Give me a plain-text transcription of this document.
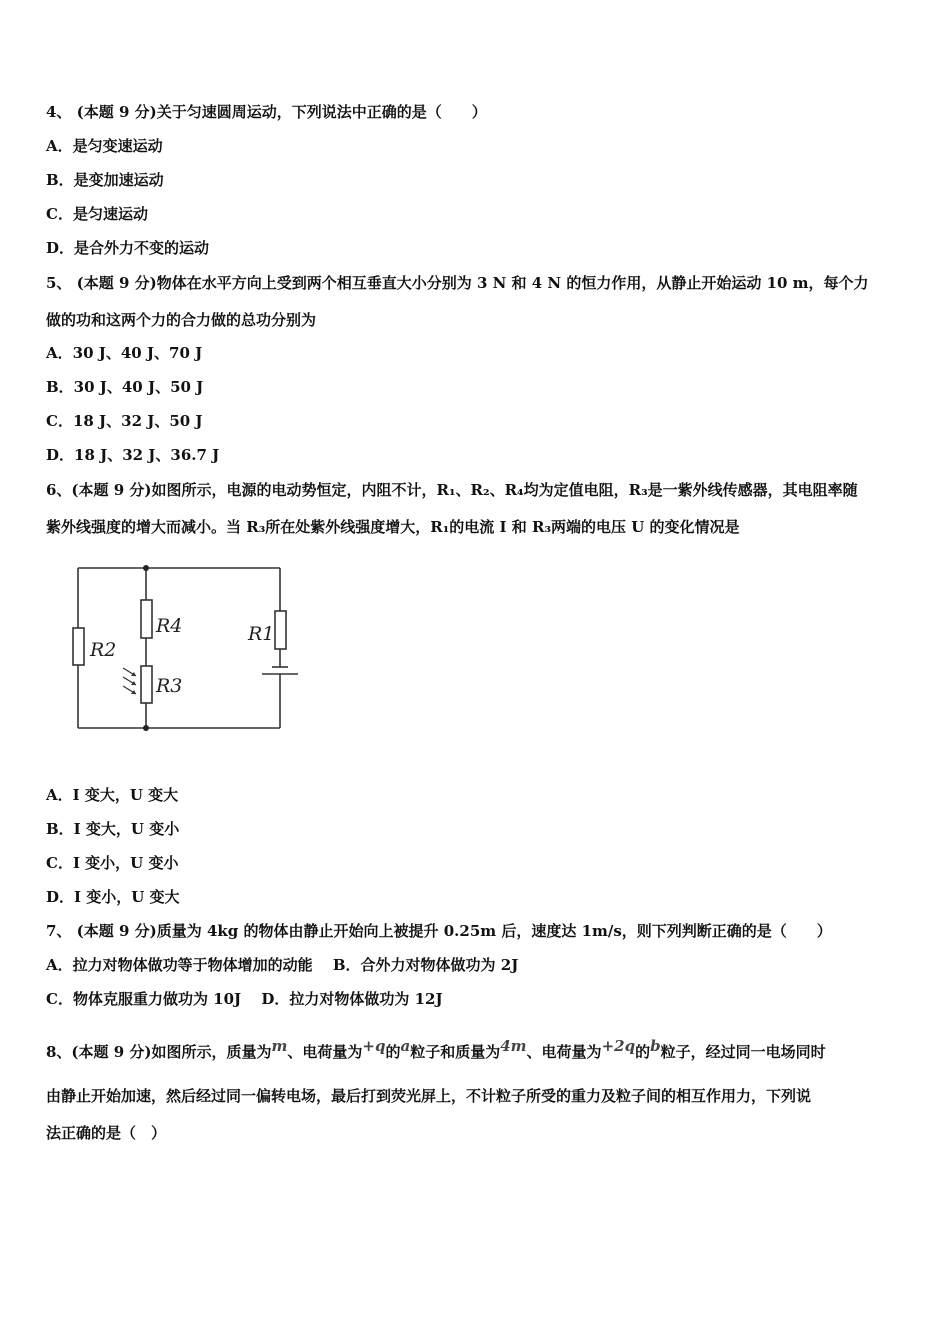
4、 (本题 9 分)关于匀速圆周运动，下列说法中正确的是（　　）
A．是匀变速运动
B．是变加速运动
C．是匀速运动
D．是合外力不变的运动
5、 (本题 9 分)物体在水平方向上受到两个相互垂直大小分别为 3 N 和 4 N 的恒力作用，从静止开始运动 10 m，每个力
做的功和这两个力的合力做的总功分别为
A．30 J、40 J、70 J
B．30 J、40 J、50 J
C．18 J、32 J、50 J
D．18 J、32 J、36.7 J
6、(本题 9 分)如图所示，电源的电动势恒定，内阻不计，R₁、R₂、R₄均为定值电阻，R₃是一紫外线传感器，其电阻率随
紫外线强度的增大而减小。当 R₃所在处紫外线强度增大，R₁的电流 I 和 R₃两端的电压 U 的变化情况是
R2
R4
R3
R1
A．I 变大，U 变大
B．I 变大，U 变小
C．I 变小，U 变小
D．I 变小，U 变大
7、 (本题 9 分)质量为 4kg 的物体由静止开始向上被提升 0.25m 后，速度达 1m/s，则下列判断正确的是（　　）
A．拉力对物体做功等于物体增加的动能　 B．合外力对物体做功为 2J
C．物体克服重力做功为 10J　 D．拉力对物体做功为 12J
8、(本题 9 分)如图所示，质量为m、电荷量为+q的a粒子和质量为4m、电荷量为+2q的b粒子，经过同一电场同时
由静止开始加速，然后经过同一偏转电场，最后打到荧光屏上，不计粒子所受的重力及粒子间的相互作用力，下列说
法正确的是（　）
